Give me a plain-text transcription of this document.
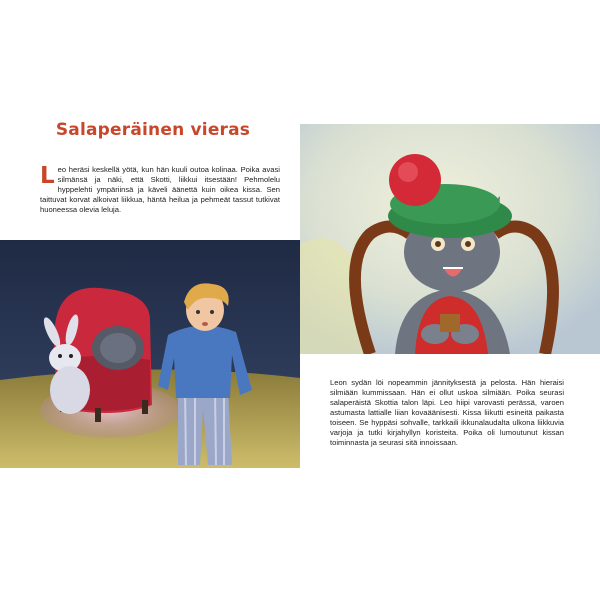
Salaperäinen vieras
Leo heräsi keskellä yötä, kun hän kuuli outoa kolinaa. Poika avasi silmänsä ja näki, että Skotti, liikkui itsestään! Pehmolelu hyppelehti ympäriinsä ja käveli äänettä kuin oikea kissa. Sen taittuvat korvat alkoivat liikkua, häntä heilua ja pehmeät tassut tutkivat huoneessa olevia leluja.
Leon sydän löi nopeammin jännityksestä ja pelosta. Hän hieraisi silmiään kummissaan. Hän ei ollut uskoa silmiään. Poika seurasi salaperäistä Skottia talon läpi. Leo hiipi varovasti perässä, varoen astumasta lattialle liian kovaäänisesti. Kissa liikutti esineitä paikasta toiseen. Se hyppäsi sohvalle, tarkkaili ikkunalaudalta ulkona liikkuvia varjoja ja tutki kirjahyllyn koristeita. Poika oli lumoutunut kissan toiminnasta ja seurasi sitä innoissaan.
